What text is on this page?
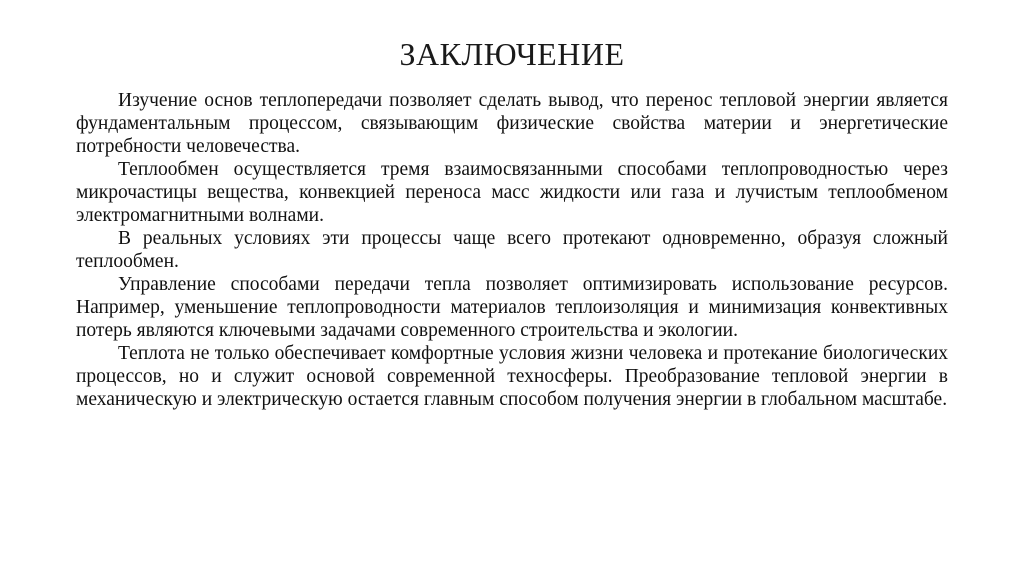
ЗАКЛЮЧЕНИЕ

Изучение основ теплопередачи позволяет сделать вывод, что перенос тепловой энергии является фундаментальным процессом, связывающим физические свойства материи и энергетические потребности человечества.

Теплообмен осуществляется тремя взаимосвязанными способами теплопроводностью через микрочастицы вещества, конвекцией переноса масс жидкости или газа и лучистым теплообменом электромагнитными волнами.

В реальных условиях эти процессы чаще всего протекают одновременно, образуя сложный теплообмен.

Управление способами передачи тепла позволяет оптимизировать использование ресурсов. Например, уменьшение теплопроводности материалов теплоизоляция и минимизация конвективных потерь являются ключевыми задачами современного строительства и экологии.

Теплота не только обеспечивает комфортные условия жизни человека и протекание биологических процессов, но и служит основой современной техносферы. Преобразование тепловой энергии в механическую и электрическую остается главным способом получения энергии в глобальном масштабе.
